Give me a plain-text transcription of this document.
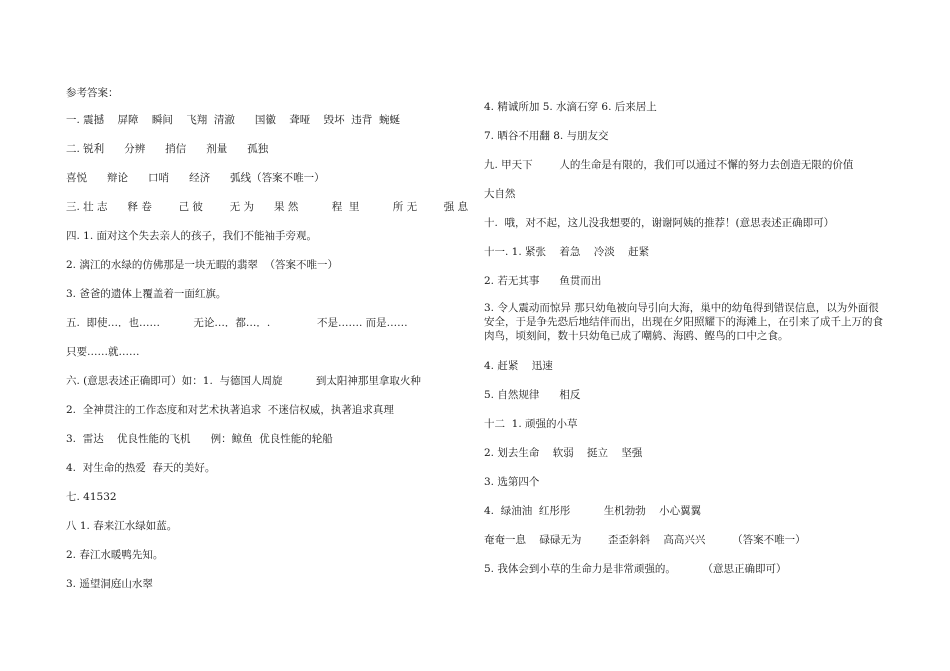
参考答案：
一. 震撼    屏障    瞬间    飞翔  清澈      国徽    聋哑    毁坏  违背  蜿蜒
二. 锐利      分辨      捎信      剂量      孤独
喜悦      辩论      口哨      经济      弧线（答案不唯一）
三. 壮 志      释 卷        己 彼        无 为      果 然          程  里          所 无        强 息
四. 1. 面对这个失去亲人的孩子，我们不能袖手旁观。
2. 漓江的水绿的仿佛那是一块无暇的翡翠  （答案不唯一）
3. 爸爸的遗体上覆盖着一面红旗。
五.  即使…．也……          无论…．都…．.              不是……. 而是……
只要……就……
六. (意思表述正确即可）如：1.  与德国人周旋          到太阳神那里拿取火种
2.  全神贯注的工作态度和对艺术执著追求  不迷信权威，执著追求真理
3.  雷达    优良性能的飞机      例：鲸鱼  优良性能的轮船
4.  对生命的热爱  春天的美好。
七. 41532
八 1. 春来江水绿如蓝。
2. 春江水暖鸭先知。
3. 遥望洞庭山水翠
4. 精诚所加 5. 水滴石穿 6. 后来居上
7. 晒谷不用翻 8. 与朋友交
九. 甲天下        人的生命是有限的，我们可以通过不懈的努力去创造无限的价值
大自然
十.  哦，对不起，这儿没我想要的，谢谢阿姨的推荐！(意思表述正确即可）
十一. 1. 紧张    着急    冷淡    赶紧
2. 若无其事      鱼贯而出
3. 令人震动而惊异 那只幼龟被向导引向大海，巢中的幼龟得到错误信息，以为外面很安全，于是争先恐后地结伴而出，出现在夕阳照耀下的海滩上，在引来了成千上万的食肉鸟，顷刻间，数十只幼龟已成了嘲鸫、海鸥、鲣鸟的口中之食。
4. 赶紧    迅速
5. 自然规律      相反
十二  1. 顽强的小草
2. 划去生命    软弱    挺立    坚强
3. 选第四个
4.  绿油油  红彤彤          生机勃勃    小心翼翼
奄奄一息    碌碌无为        歪歪斜斜    高高兴兴        （答案不唯一）
5. 我体会到小草的生命力是非常顽强的。        （意思正确即可）
